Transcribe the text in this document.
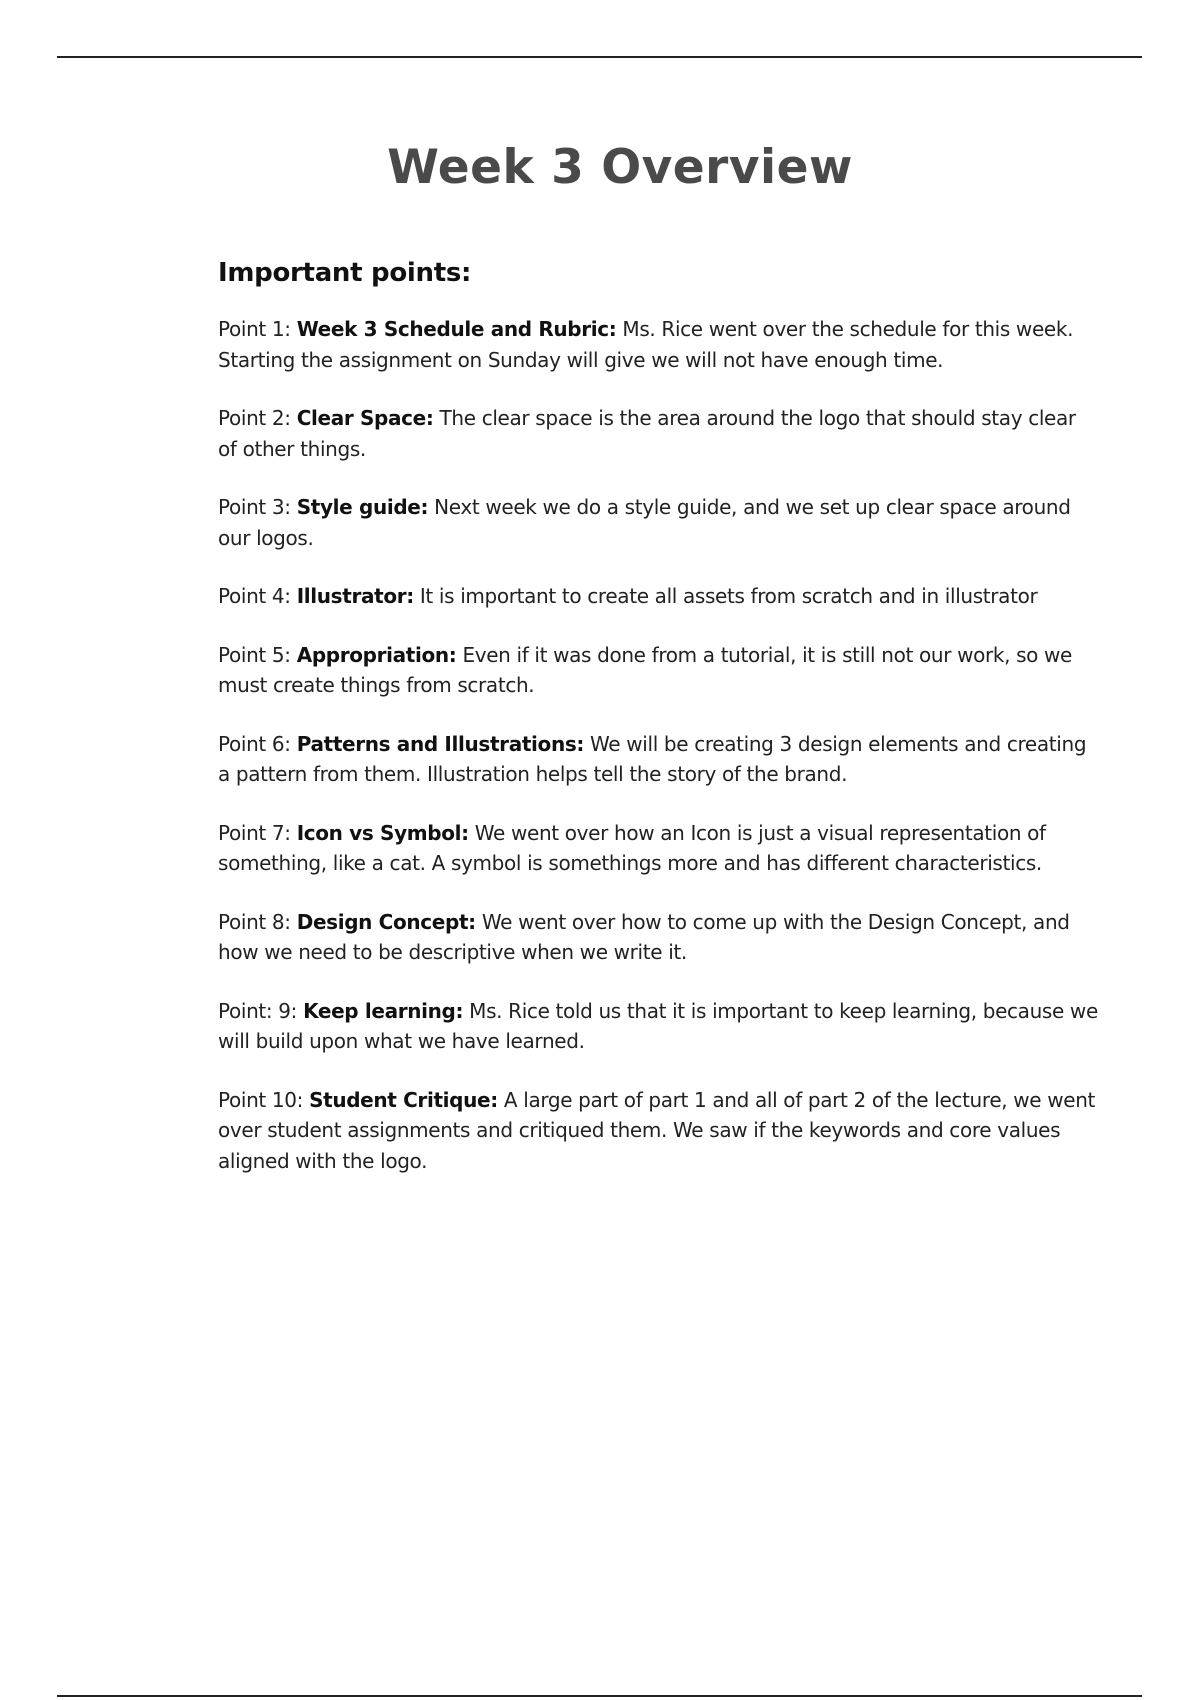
Week 3 Overview
Important points:

Point 1: Week 3 Schedule and Rubric: Ms. Rice went over the schedule for this week. Starting the assignment on Sunday will give we will not have enough time.

Point 2: Clear Space: The clear space is the area around the logo that should stay clear of other things.

Point 3: Style guide: Next week we do a style guide, and we set up clear space around our logos.

Point 4: Illustrator: It is important to create all assets from scratch and in illustrator

Point 5: Appropriation: Even if it was done from a tutorial, it is still not our work, so we must create things from scratch.

Point 6: Patterns and Illustrations: We will be creating 3 design elements and creating a pattern from them. Illustration helps tell the story of the brand.

Point 7: Icon vs Symbol: We went over how an Icon is just a visual representation of something, like a cat. A symbol is somethings more and has different characteristics.

Point 8: Design Concept: We went over how to come up with the Design Concept, and how we need to be descriptive when we write it.

Point: 9: Keep learning: Ms. Rice told us that it is important to keep learning, because we will build upon what we have learned.

Point 10: Student Critique: A large part of part 1 and all of part 2 of the lecture, we went over student assignments and critiqued them. We saw if the keywords and core values aligned with the logo.
